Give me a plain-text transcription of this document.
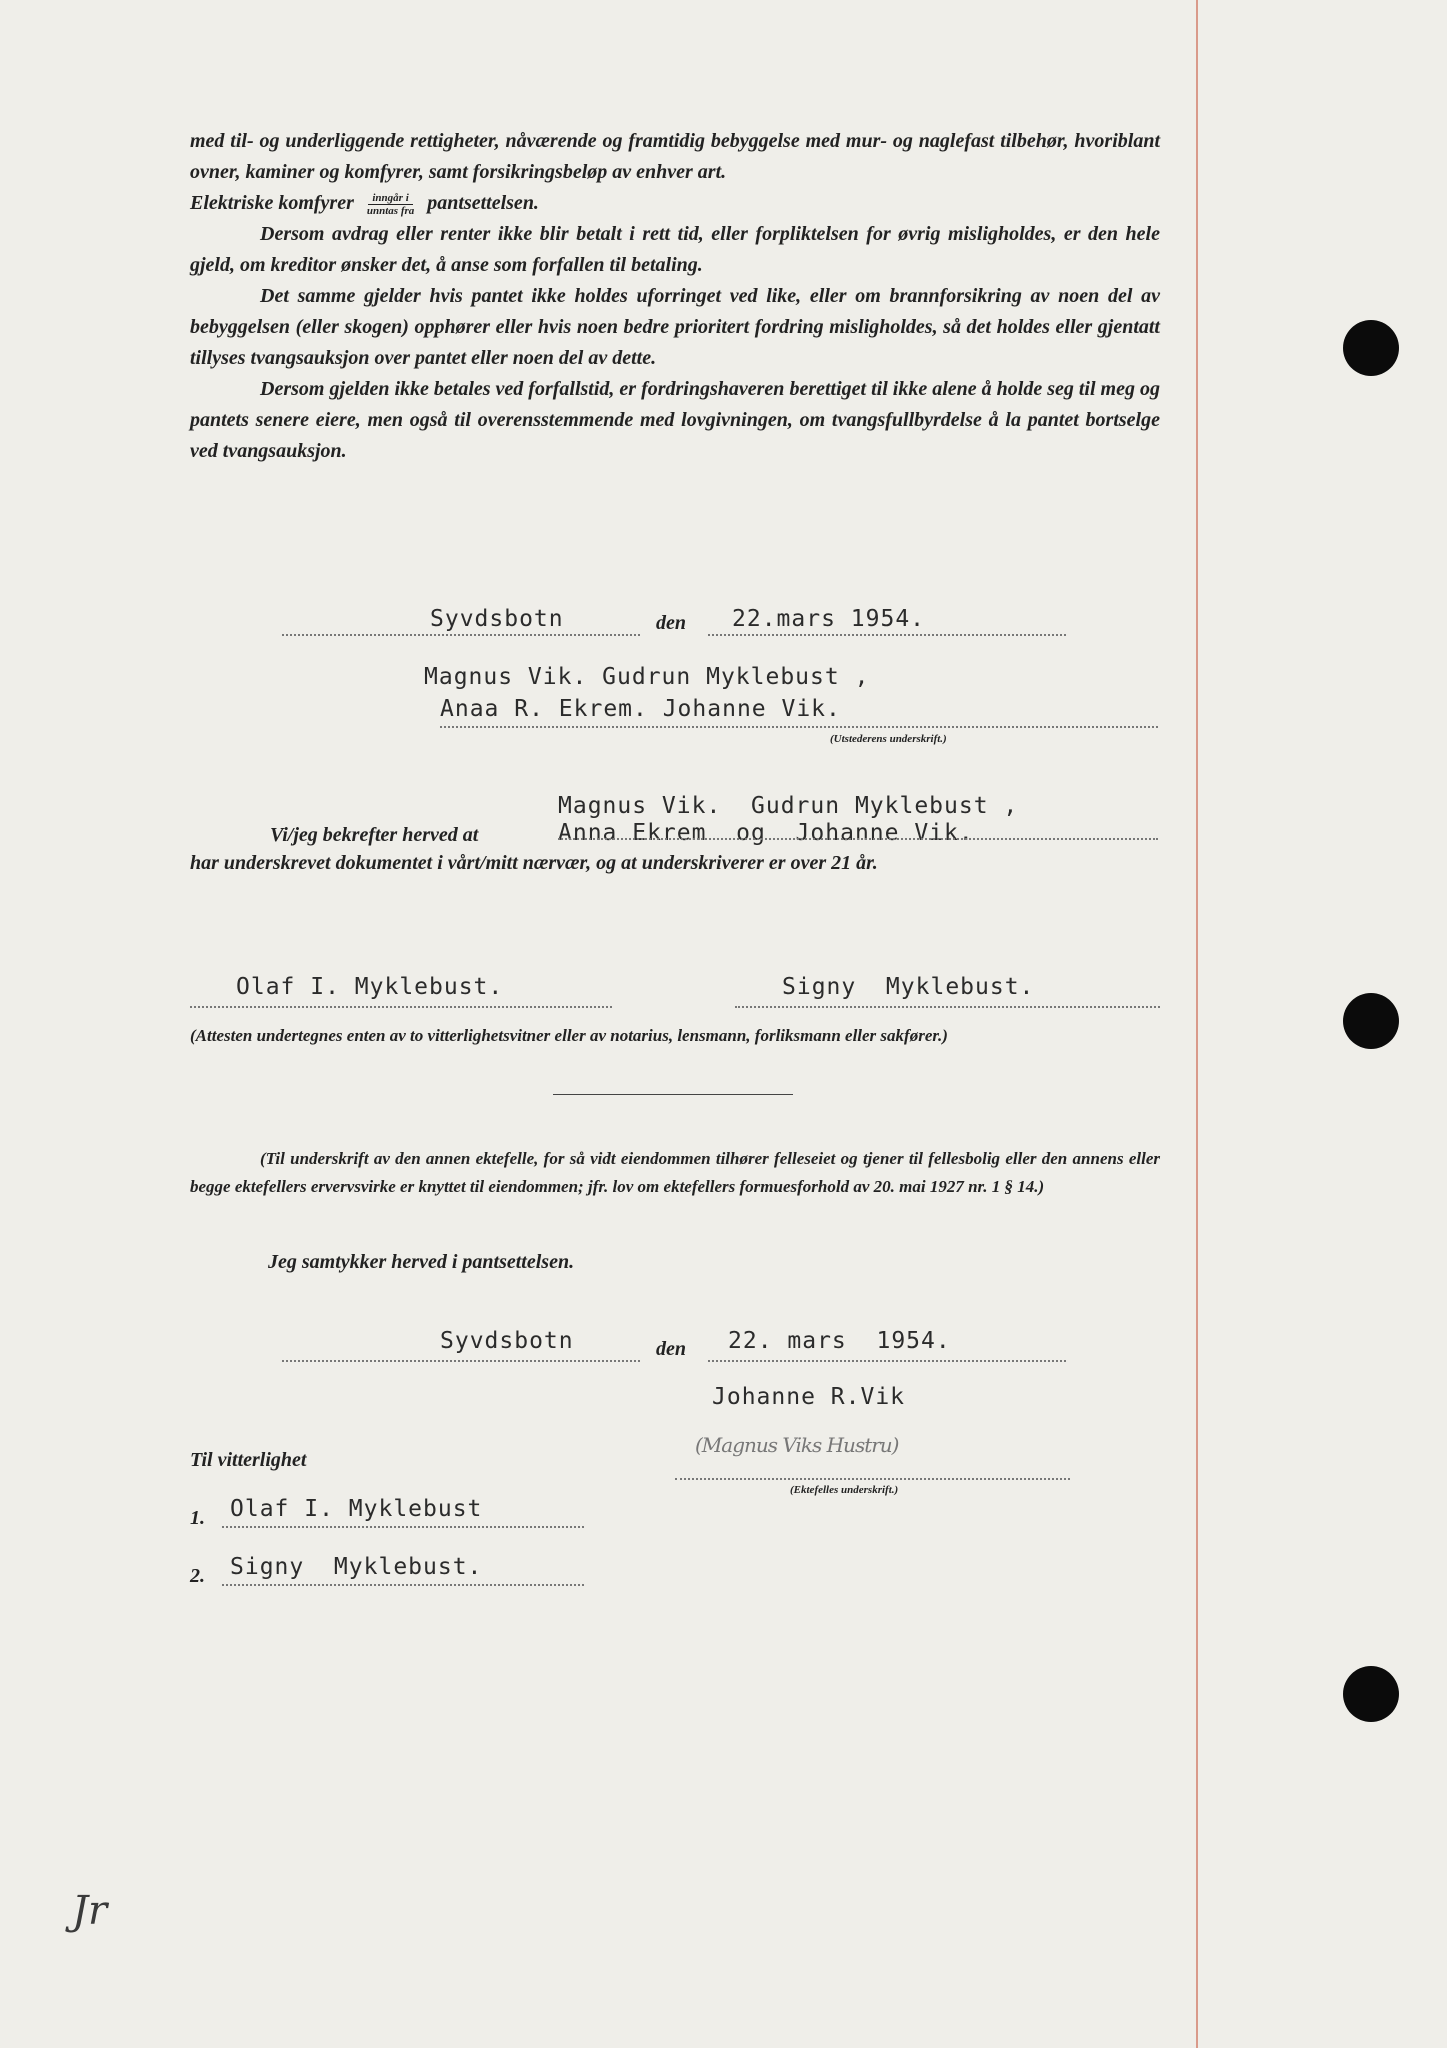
med til- og underliggende rettigheter, nåværende og framtidig bebyggelse med mur- og naglefast tilbehør, hvoriblant ovner, kaminer og komfyrer, samt forsikringsbeløp av enhver art.

Elektriske komfyrer $\frac{\text{inngår i}}{\text{unntas fra}}$ pantsettelsen.

Dersom avdrag eller renter ikke blir betalt i rett tid, eller forpliktelsen for øvrig misligholdes, er den hele gjeld, om kreditor ønsker det, å anse som forfallen til betaling.

Det samme gjelder hvis pantet ikke holdes uforringet ved like, eller om brannforsikring av noen del av bebyggelsen (eller skogen) opphører eller hvis noen bedre prioritert fordring misligholdes, så det holdes eller gjentatt tillyses tvangsauksjon over pantet eller noen del av dette.

Dersom gjelden ikke betales ved forfallstid, er fordringshaveren berettiget til ikke alene å holde seg til meg og pantets senere eiere, men også til overensstemmende med lovgivningen, om tvangsfullbyrdelse å la pantet bortselge ved tvangsauksjon.

Syvdsbotn	den 22.mars 1954.
Magnus Vik. Gudrun Myklebust ,
Anaa R. Ekrem. Johanne Vik.
(Utstederens underskrift.)
Magnus Vik.  Gudrun Myklebust ,
Vi/jeg bekrefter herved at	Anna Ekrem  og  Johanne Vik.
har underskrevet dokumentet i vårt/mitt nærvær, og at underskriverer er over 21 år.
Olaf I. Myklebust.	Signy  Myklebust.
(Attesten undertegnes enten av to vitterlighetsvitner eller av notarius, lensmann, forliksmann eller sakfører.)

(Til underskrift av den annen ektefelle, for så vidt eiendommen tilhører felleseiet og tjener til fellesbolig eller den annens eller begge ektefellers ervervsvirke er knyttet til eiendommen; jfr. lov om ektefellers formuesforhold av 20. mai 1927 nr. 1 § 14.)

Jeg samtykker herved i pantsettelsen.
Syvdsbotn	den 22. mars  1954.
Johanne R.Vik
(Magnus Viks Hustru)
(Ektefelles underskrift.)
Til vitterlighet
1. Olaf I. Myklebust
2. Signy  Myklebust.
Jr
